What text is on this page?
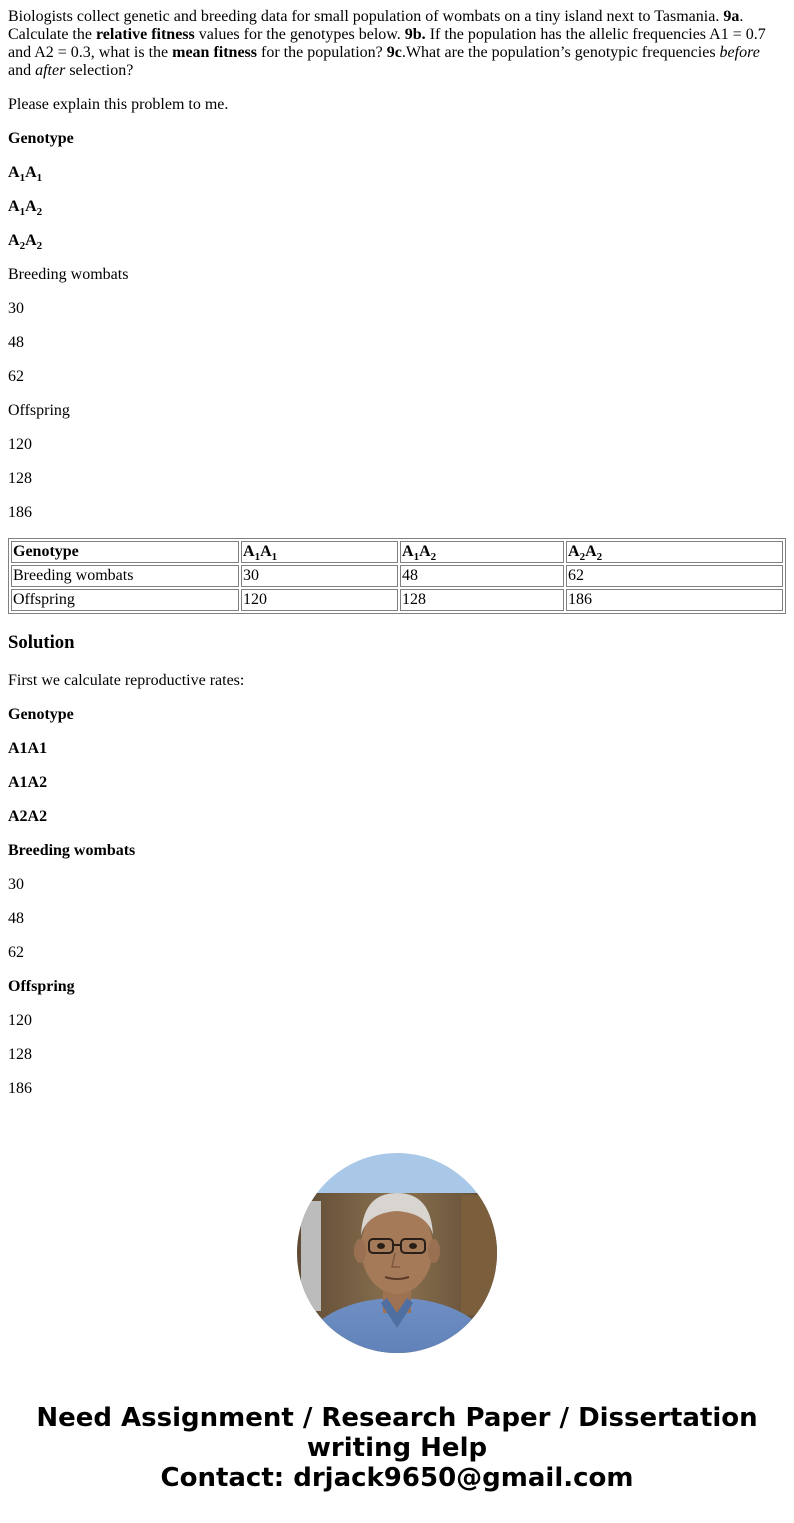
Biologists collect genetic and breeding data for small population of wombats on a tiny island next to Tasmania. 9a. Calculate the relative fitness values for the genotypes below. 9b. If the population has the allelic frequencies A1 = 0.7 and A2 = 0.3, what is the mean fitness for the population? 9c.What are the population’s genotypic frequencies before and after selection?

Please explain this problem to me.

Genotype

$A_1A_1$

$A_1A_2$

$A_2A_2$

Breeding wombats

30

48

62

Offspring

120

128

186

Genotype	$A_1A_1$	$A_1A_2$	$A_2A_2$
Breeding wombats	30	48	62
Offspring	120	128	186
Solution

First we calculate reproductive rates:

Genotype

A1A1

A1A2

A2A2

Breeding wombats

30

48

62

Offspring

120

128

186

Need Assignment / Research Paper / Dissertation
writing Help
Contact: drjack9650@gmail.com
